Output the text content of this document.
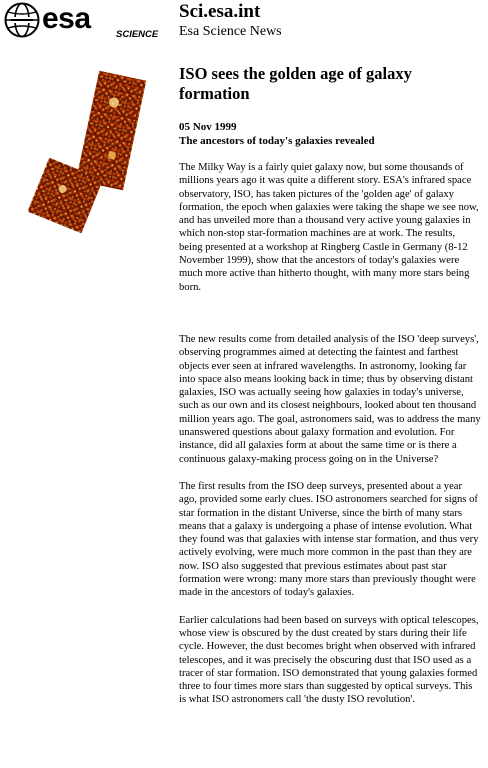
esa	SCIENCE
Sci.esa.int
Esa Science News
ISO sees the golden age of galaxy formation

05 Nov 1999

The ancestors of today's galaxies revealed

The Milky Way is a fairly quiet galaxy now, but some thousands of millions years ago it was quite a different story. ESA's infrared space observatory, ISO, has taken pictures of the 'golden age' of galaxy formation, the epoch when galaxies were taking the shape we see now, and has unveiled more than a thousand very active young galaxies in which non-stop star-formation machines are at work. The results, being presented at a workshop at Ringberg Castle in Germany (8-12 November 1999), show that the ancestors of today's galaxies were much more active than hitherto thought, with many more stars being born.

The new results come from detailed analysis of the ISO 'deep surveys', observing programmes aimed at detecting the faintest and farthest objects ever seen at infrared wavelengths. In astronomy, looking far into space also means looking back in time; thus by observing distant galaxies, ISO was actually seeing how galaxies in today's universe, such as our own and its closest neighbours, looked about ten thousand million years ago. The goal, astronomers said, was to address the many unanswered questions about galaxy formation and evolution. For instance, did all galaxies form at about the same time or is there a continuous galaxy-making process going on in the Universe?

The first results from the ISO deep surveys, presented about a year ago, provided some early clues. ISO astronomers searched for signs of star formation in the distant Universe, since the birth of many stars means that a galaxy is undergoing a phase of intense evolution. What they found was that galaxies with intense star formation, and thus very actively evolving, were much more common in the past than they are now. ISO also suggested that previous estimates about past star formation were wrong: many more stars than previously thought were made in the ancestors of today's galaxies.

Earlier calculations had been based on surveys with optical telescopes, whose view is obscured by the dust created by stars during their life cycle. However, the dust becomes bright when observed with infrared telescopes, and it was precisely the obscuring dust that ISO used as a tracer of star formation. ISO demonstrated that young galaxies formed three to four times more stars than suggested by optical surveys. This is what ISO astronomers call 'the dusty ISO revolution'.
